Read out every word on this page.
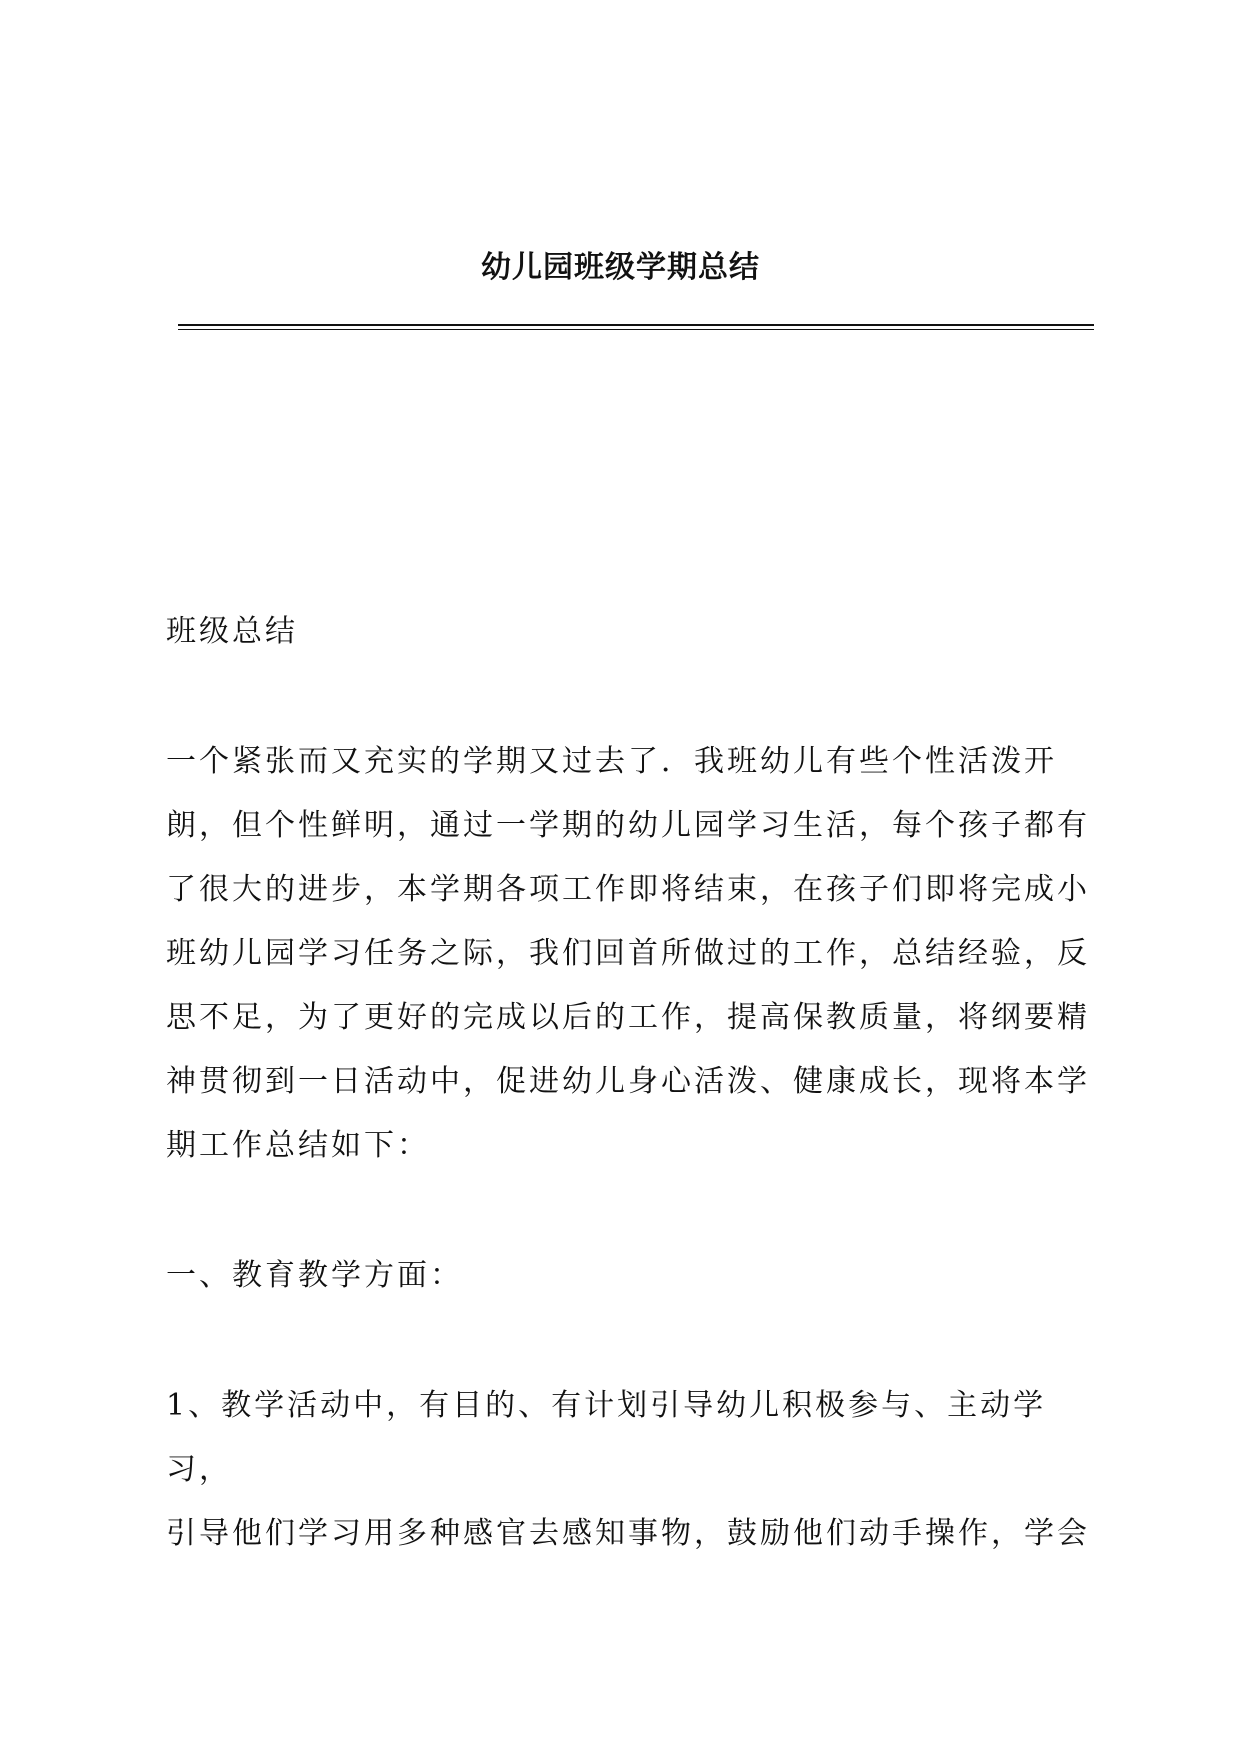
幼儿园班级学期总结

班级总结

一个紧张而又充实的学期又过去了．我班幼儿有些个性活泼开

朗，但个性鲜明，通过一学期的幼儿园学习生活，每个孩子都有

了很大的进步，本学期各项工作即将结束，在孩子们即将完成小

班幼儿园学习任务之际，我们回首所做过的工作，总结经验，反

思不足，为了更好的完成以后的工作，提高保教质量，将纲要精

神贯彻到一日活动中，促进幼儿身心活泼、健康成长，现将本学

期工作总结如下：

一、教育教学方面：

1、教学活动中，有目的、有计划引导幼儿积极参与、主动学习，

引导他们学习用多种感官去感知事物，鼓励他们动手操作，学会
